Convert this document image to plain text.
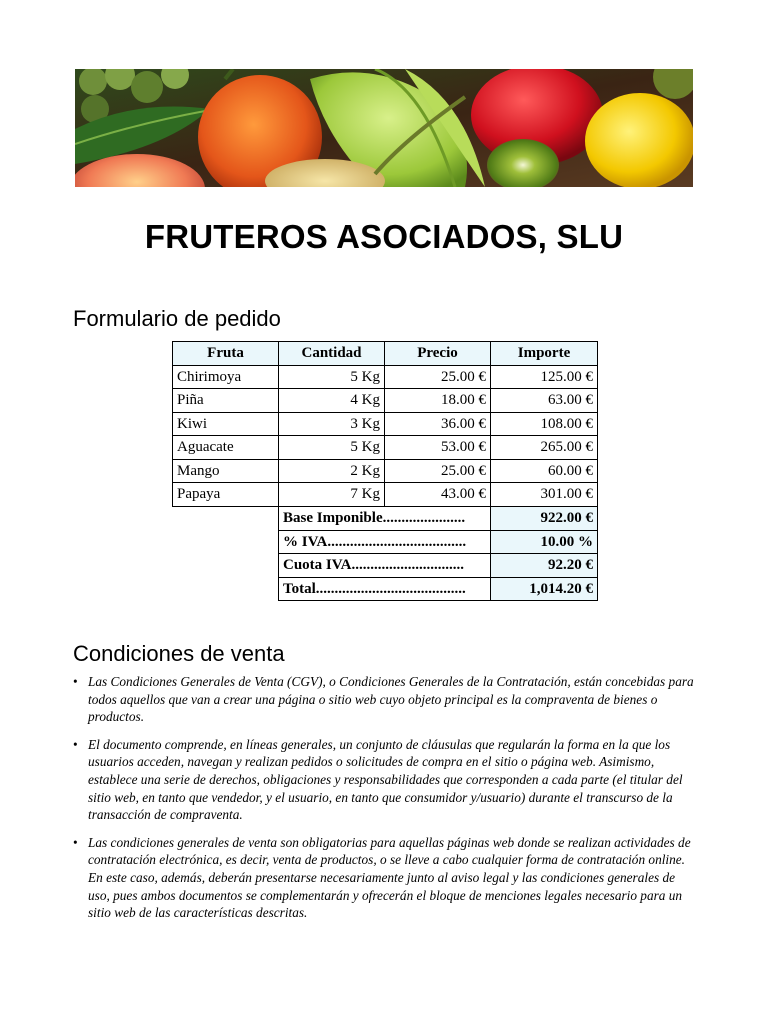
FRUTEROS ASOCIADOS, SLU
Formulario de pedido
Fruta	Cantidad	Precio	Importe
Chirimoya	5 Kg	25.00 €	125.00 €
Piña	4 Kg	18.00 €	63.00 €
Kiwi	3 Kg	36.00 €	108.00 €
Aguacate	5 Kg	53.00 €	265.00 €
Mango	2 Kg	25.00 €	60.00 €
Papaya	7 Kg	43.00 €	301.00 €
Base Imponible......................	922.00 €
% IVA.....................................	10.00 %
Cuota IVA..............................	92.20 €
Total........................................	1,014.20 €
Condiciones de venta
• Las Condiciones Generales de Venta (CGV), o Condiciones Generales de la Contratación, están concebidas para todos aquellos que van a crear una página o sitio web cuyo objeto principal es la compraventa de bienes o productos.
• El documento comprende, en líneas generales, un conjunto de cláusulas que regularán la forma en la que los usuarios acceden, navegan y realizan pedidos o solicitudes de compra en el sitio o página web. Asimismo, establece una serie de derechos, obligaciones y responsabilidades que corresponden a cada parte (el titular del sitio web, en tanto que vendedor, y el usuario, en tanto que consumidor y/usuario) durante el transcurso de la transacción de compraventa.
• Las condiciones generales de venta son obligatorias para aquellas páginas web donde se realizan actividades de contratación electrónica, es decir, venta de productos, o se lleve a cabo cualquier forma de contratación online. En este caso, además, deberán presentarse necesariamente junto al aviso legal y las condiciones generales de uso, pues ambos documentos se complementarán y ofrecerán el bloque de menciones legales necesario para un sitio web de las características descritas.
